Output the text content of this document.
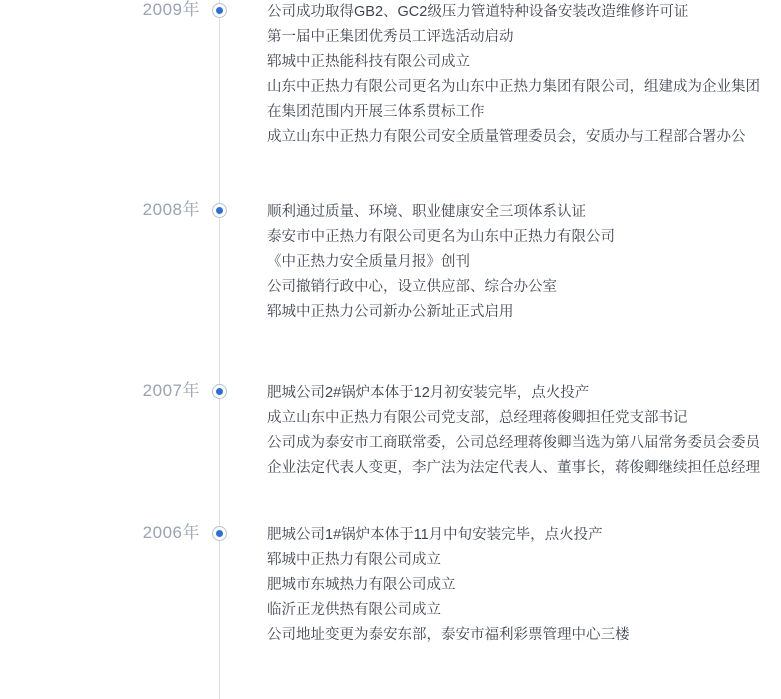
2009年	公司成功取得GB2、GC2级压力管道特种设备安装改造维修许可证
第一届中正集团优秀员工评选活动启动
郓城中正热能科技有限公司成立
山东中正热力有限公司更名为山东中正热力集团有限公司，组建成为企业集团
在集团范围内开展三体系贯标工作
成立山东中正热力有限公司安全质量管理委员会，安质办与工程部合署办公
2008年	顺利通过质量、环境、职业健康安全三项体系认证
泰安市中正热力有限公司更名为山东中正热力有限公司
《中正热力安全质量月报》创刊
公司撤销行政中心，设立供应部、综合办公室
郓城中正热力公司新办公新址正式启用
2007年	肥城公司2#锅炉本体于12月初安装完毕，点火投产
成立山东中正热力有限公司党支部，总经理蒋俊卿担任党支部书记
公司成为泰安市工商联常委，公司总经理蒋俊卿当选为第八届常务委员会委员
企业法定代表人变更，李广法为法定代表人、董事长，蒋俊卿继续担任总经理
2006年	肥城公司1#锅炉本体于11月中旬安装完毕，点火投产
郓城中正热力有限公司成立
肥城市东城热力有限公司成立
临沂正龙供热有限公司成立
公司地址变更为泰安东部，泰安市福利彩票管理中心三楼
